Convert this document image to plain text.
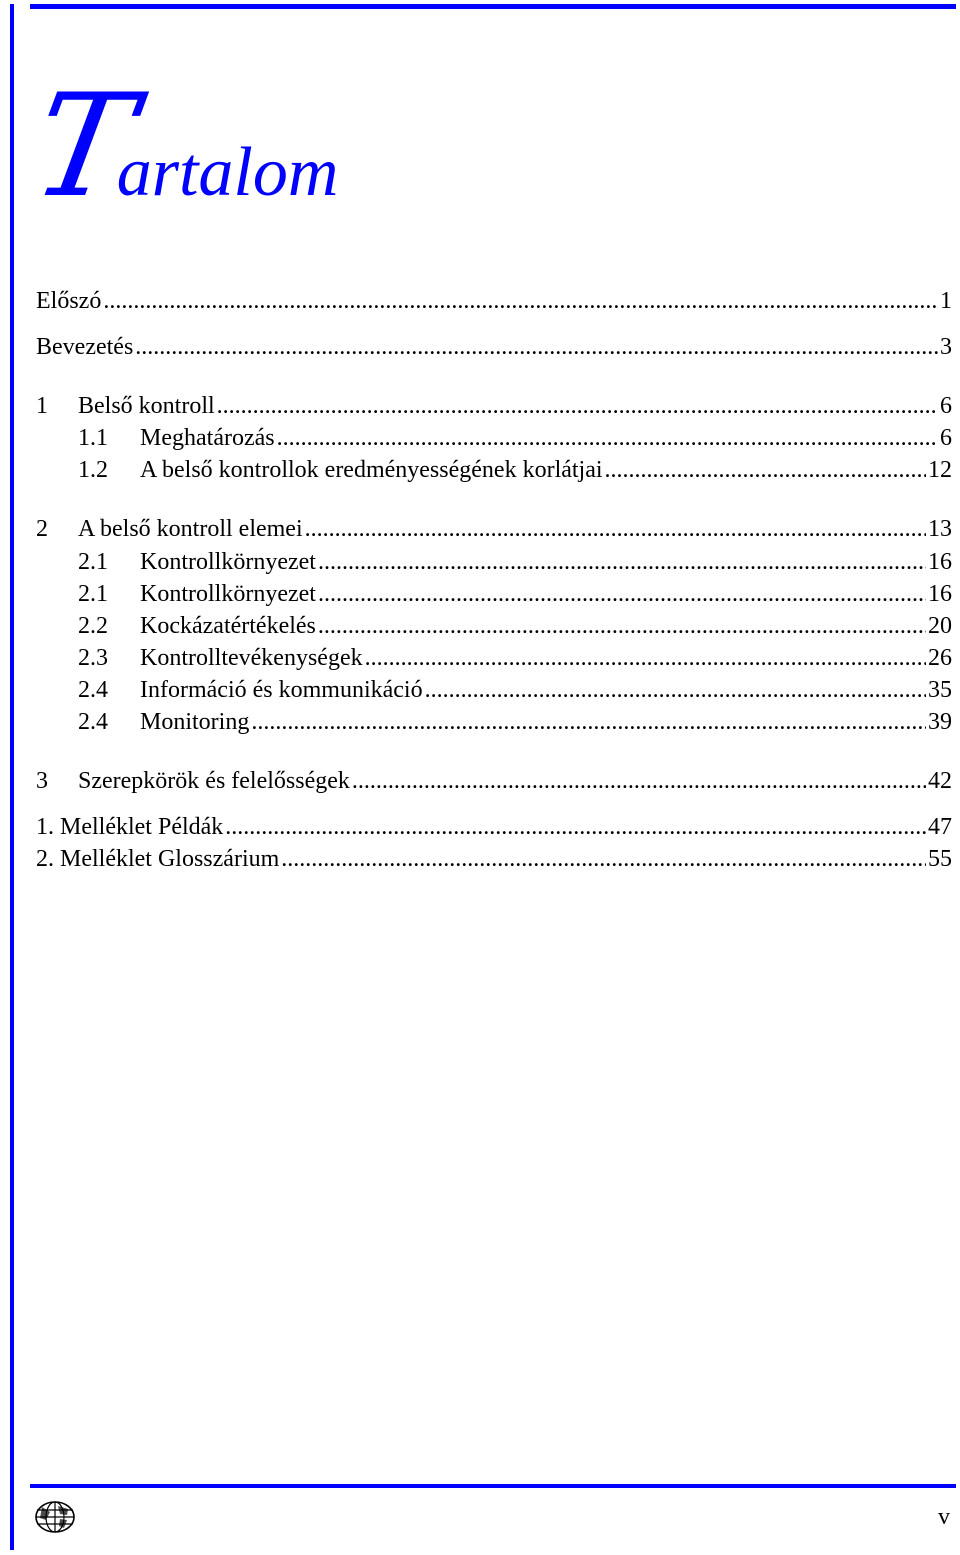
Tartalom
Előszó .....	1
Bevezetés .....	3
1	Belső kontroll .....	6
1.1	Meghatározás .....	6
1.2	A belső kontrollok eredményességének korlátjai .....	12
2	A belső kontroll elemei .....	13
2.1	Kontrollkörnyezet .....	16
2.1	Kontrollkörnyezet .....	16
2.2	Kockázatértékelés .....	20
2.3	Kontrolltevékenységek .....	26
2.4	Információ és kommunikáció .....	35
2.4	Monitoring .....	39
3	Szerepkörök és felelősségek .....	42
1. Melléklet Példák .....	47
2. Melléklet Glosszárium .....	55
v
